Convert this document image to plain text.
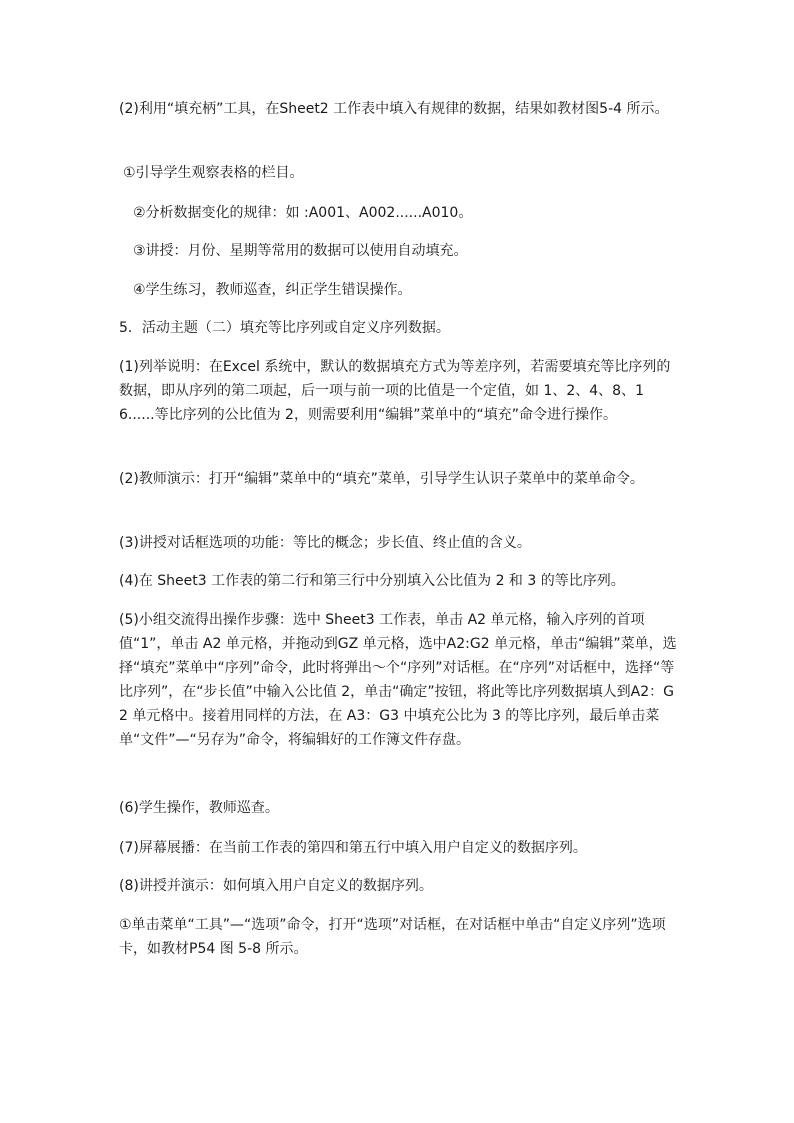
(2)利用“填充柄”工具，在Sheet2 工作表中填入有规律的数据，结果如教材图5-4 所示。

①引导学生观察表格的栏目。

②分析数据变化的规律：如 :A001、A002......A010。

③讲授：月份、星期等常用的数据可以使用自动填充。

④学生练习，教师巡查，纠正学生错误操作。

5．活动主题（二）填充等比序列或自定义序列数据。

(1)列举说明：在Excel 系统中，默认的数据填充方式为等差序列，若需要填充等比序列的数据，即从序列的第二项起，后一项与前一项的比值是一个定值，如 1、2、4、8、16......等比序列的公比值为 2，则需要利用“编辑”菜单中的“填充”命令进行操作。

(2)教师演示：打开“编辑”菜单中的“填充”菜单，引导学生认识子菜单中的菜单命令。

(3)讲授对话框选项的功能：等比的概念；步长值、终止值的含义。

(4)在 Sheet3 工作表的第二行和第三行中分别填入公比值为 2 和 3 的等比序列。

(5)小组交流得出操作步骤：选中 Sheet3 工作表，单击 A2 单元格，输入序列的首项值“1”，单击 A2 单元格，并拖动到GZ 单元格，选中A2:G2 单元格，单击“编辑”菜单，选择“填充”菜单中“序列”命令，此时将弹出～个“序列”对话框。在“序列”对话框中，选择“等比序列”，在“步长值”中输入公比值 2，单击“确定”按钮，将此等比序列数据填人到A2：G2 单元格中。接着用同样的方法，在 A3：G3 中填充公比为 3 的等比序列，最后单击菜单“文件”—“另存为”命令，将编辑好的工作簿文件存盘。

(6)学生操作，教师巡查。

(7)屏幕展播：在当前工作表的第四和第五行中填入用户自定义的数据序列。

(8)讲授并演示：如何填入用户自定义的数据序列。

①单击菜单“工具”—“选项”命令，打开“选项”对话框，在对话框中单击“自定义序列”选项卡，如教材P54 图 5-8 所示。
